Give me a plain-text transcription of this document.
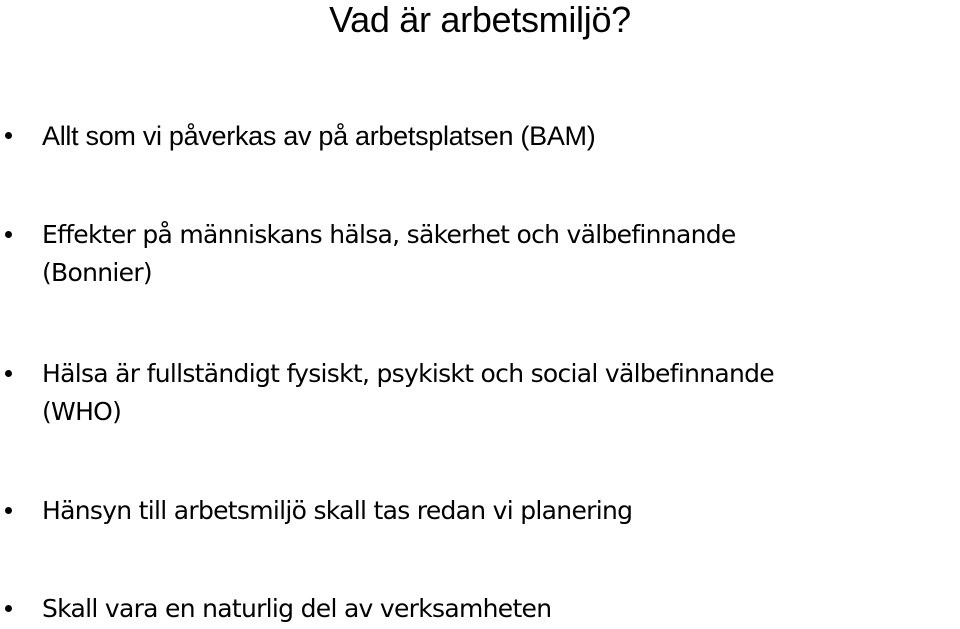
Vad är arbetsmiljö?
Allt som vi påverkas av på arbetsplatsen (BAM)
Effekter på människans hälsa, säkerhet och välbefinnande
(Bonnier)
Hälsa är fullständigt fysiskt, psykiskt och social välbefinnande
(WHO)
Hänsyn till arbetsmiljö skall tas redan vi planering
Skall vara en naturlig del av verksamheten
